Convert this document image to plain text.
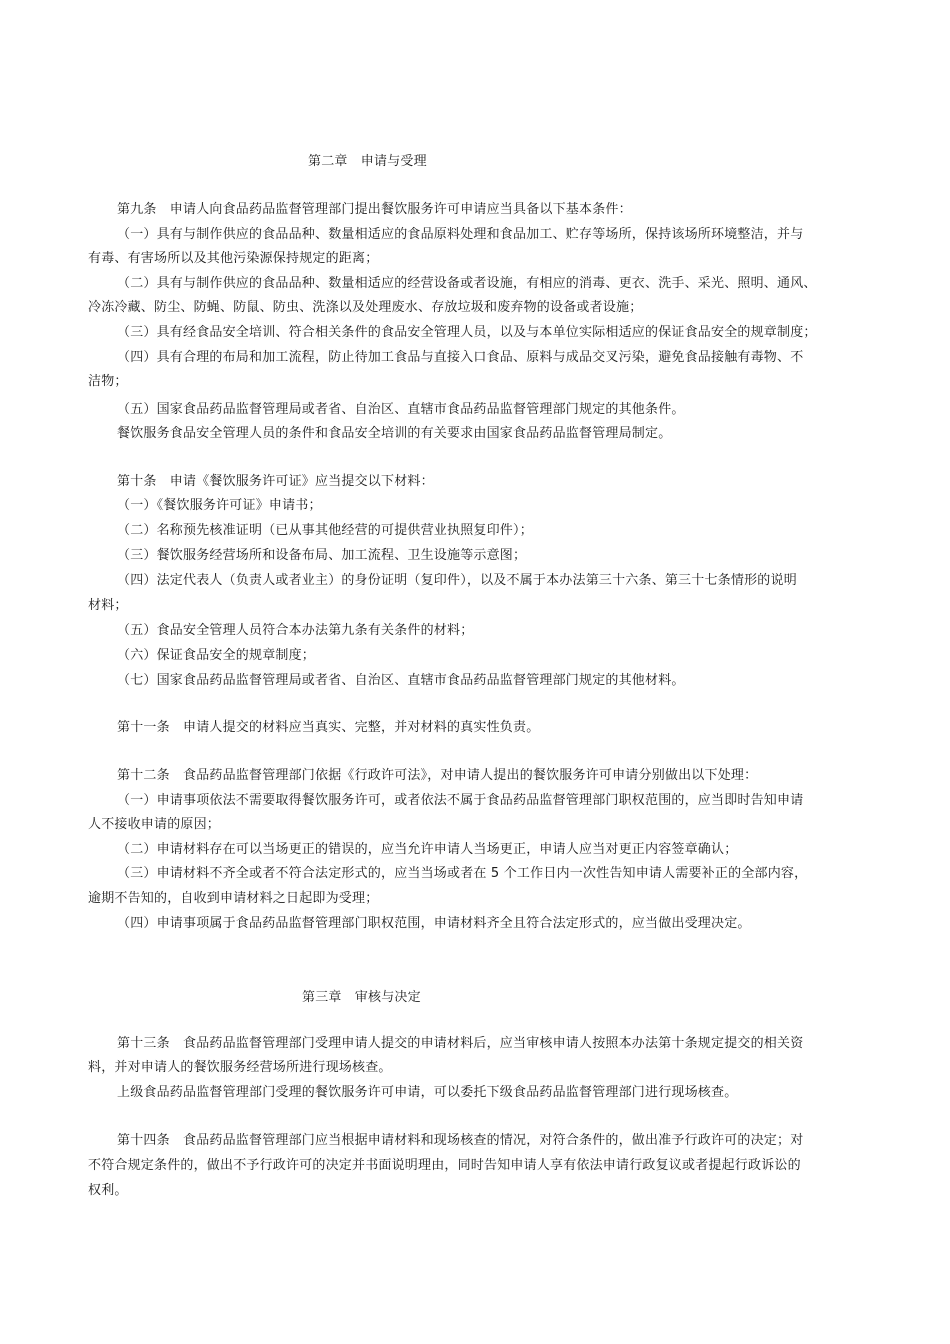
第二章　申请与受理

第九条　申请人向食品药品监督管理部门提出餐饮服务许可申请应当具备以下基本条件：

（一）具有与制作供应的食品品种、数量相适应的食品原料处理和食品加工、贮存等场所，保持该场所环境整洁，并与

有毒、有害场所以及其他污染源保持规定的距离；

（二）具有与制作供应的食品品种、数量相适应的经营设备或者设施，有相应的消毒、更衣、洗手、采光、照明、通风、

冷冻冷藏、防尘、防蝇、防鼠、防虫、洗涤以及处理废水、存放垃圾和废弃物的设备或者设施；

（三）具有经食品安全培训、符合相关条件的食品安全管理人员，以及与本单位实际相适应的保证食品安全的规章制度；

（四）具有合理的布局和加工流程，防止待加工食品与直接入口食品、原料与成品交叉污染，避免食品接触有毒物、不

洁物；

（五）国家食品药品监督管理局或者省、自治区、直辖市食品药品监督管理部门规定的其他条件。

餐饮服务食品安全管理人员的条件和食品安全培训的有关要求由国家食品药品监督管理局制定。

第十条　申请《餐饮服务许可证》应当提交以下材料：

（一）《餐饮服务许可证》申请书；

（二）名称预先核准证明（已从事其他经营的可提供营业执照复印件）；

（三）餐饮服务经营场所和设备布局、加工流程、卫生设施等示意图；

（四）法定代表人（负责人或者业主）的身份证明（复印件），以及不属于本办法第三十六条、第三十七条情形的说明

材料；

（五）食品安全管理人员符合本办法第九条有关条件的材料；

（六）保证食品安全的规章制度；

（七）国家食品药品监督管理局或者省、自治区、直辖市食品药品监督管理部门规定的其他材料。

第十一条　申请人提交的材料应当真实、完整，并对材料的真实性负责。

第十二条　食品药品监督管理部门依据《行政许可法》，对申请人提出的餐饮服务许可申请分别做出以下处理：

（一）申请事项依法不需要取得餐饮服务许可，或者依法不属于食品药品监督管理部门职权范围的，应当即时告知申请

人不接收申请的原因；

（二）申请材料存在可以当场更正的错误的，应当允许申请人当场更正，申请人应当对更正内容签章确认；

（三）申请材料不齐全或者不符合法定形式的，应当当场或者在 5 个工作日内一次性告知申请人需要补正的全部内容，

逾期不告知的，自收到申请材料之日起即为受理；

（四）申请事项属于食品药品监督管理部门职权范围，申请材料齐全且符合法定形式的，应当做出受理决定。

第三章　审核与决定

第十三条　食品药品监督管理部门受理申请人提交的申请材料后，应当审核申请人按照本办法第十条规定提交的相关资

料，并对申请人的餐饮服务经营场所进行现场核查。

上级食品药品监督管理部门受理的餐饮服务许可申请，可以委托下级食品药品监督管理部门进行现场核查。

第十四条　食品药品监督管理部门应当根据申请材料和现场核查的情况，对符合条件的，做出准予行政许可的决定；对

不符合规定条件的，做出不予行政许可的决定并书面说明理由，同时告知申请人享有依法申请行政复议或者提起行政诉讼的

权利。
